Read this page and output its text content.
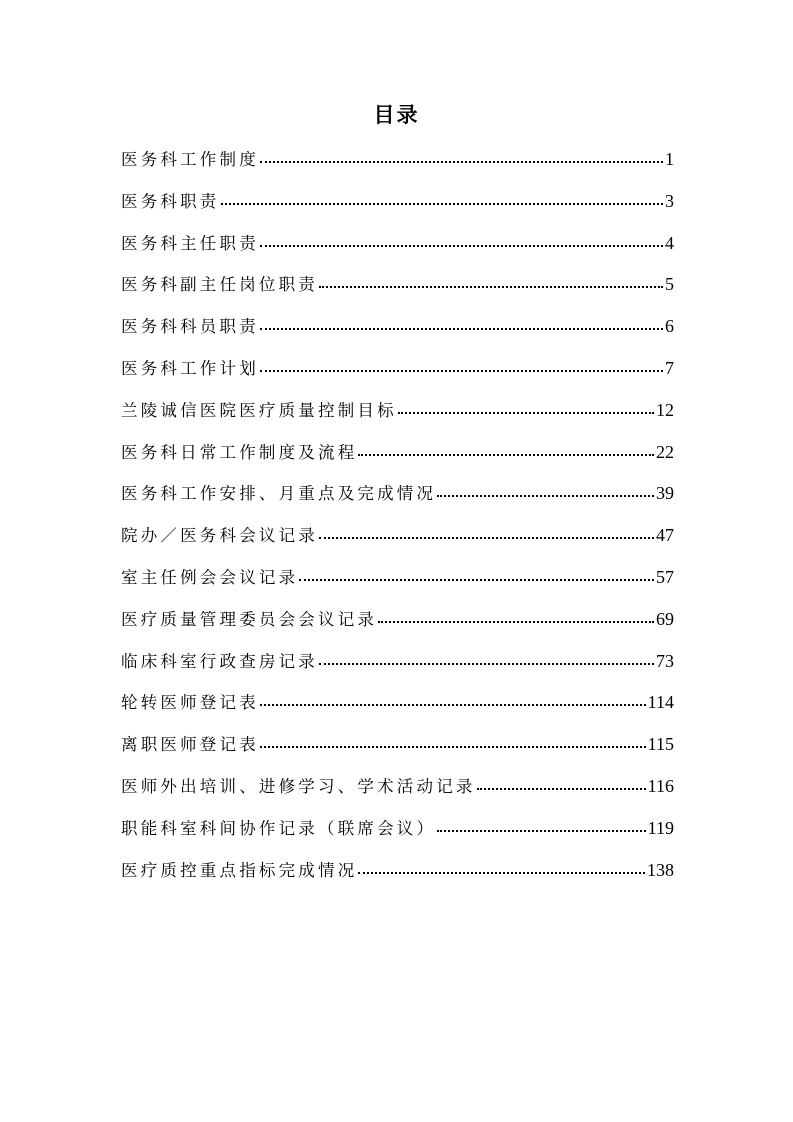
目录
医务科工作制度	1
医务科职责	3
医务科主任职责	4
医务科副主任岗位职责	5
医务科科员职责	6
医务科工作计划	7
兰陵诚信医院医疗质量控制目标	12
医务科日常工作制度及流程	22
医务科工作安排、月重点及完成情况	39
院办／医务科会议记录	47
室主任例会会议记录	57
医疗质量管理委员会会议记录	69
临床科室行政查房记录	73
轮转医师登记表	114
离职医师登记表	115
医师外出培训、进修学习、学术活动记录	116
职能科室科间协作记录（联席会议）	119
医疗质控重点指标完成情况	138
